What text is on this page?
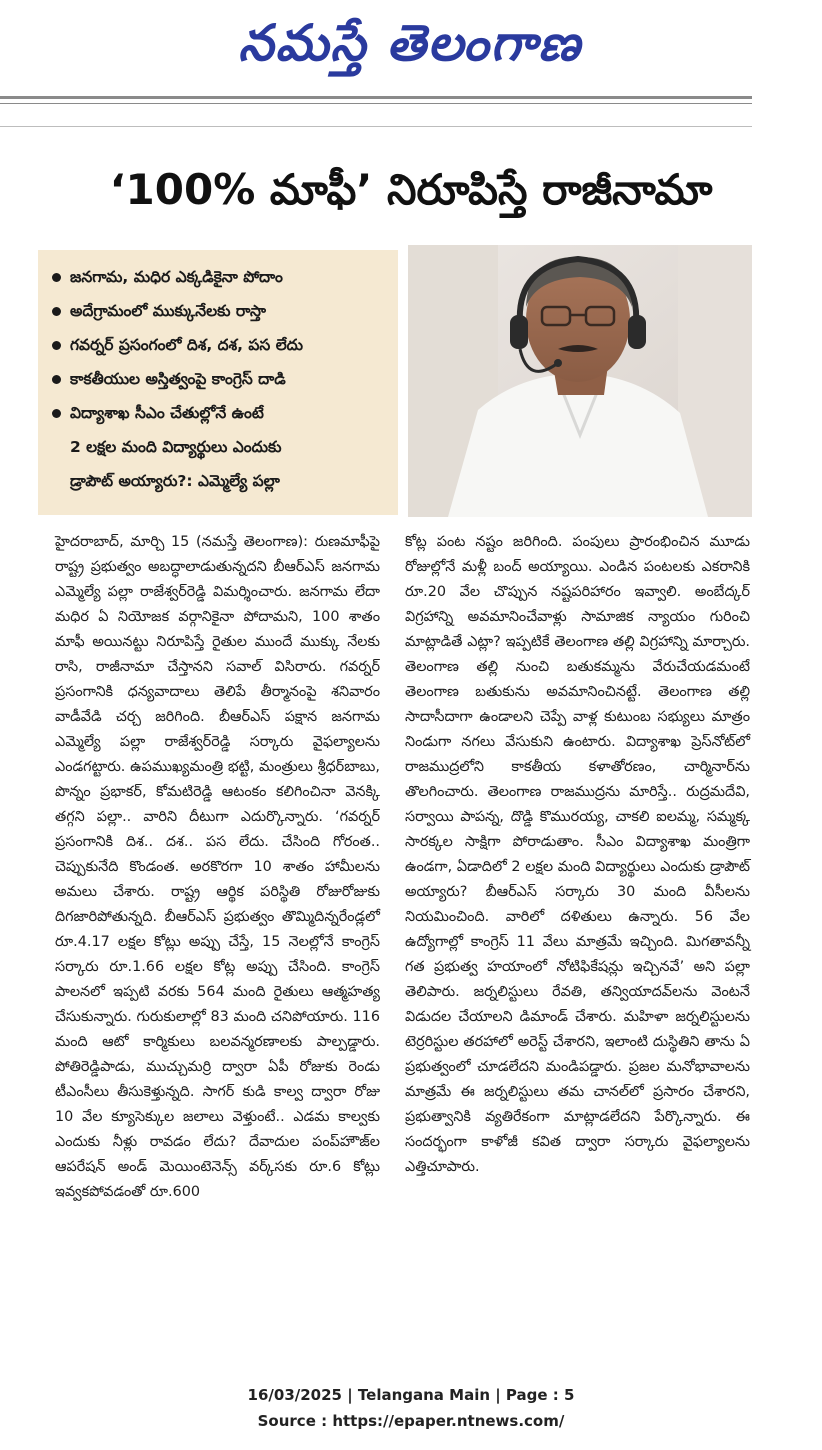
నమస్తే తెలంగాణ
‘100% మాఫీ’ నిరూపిస్తే రాజీనామా
జనగామ, మధిర ఎక్కడికైనా పోదాం
అదేగ్రామంలో ముక్కునేలకు రాస్తా
గవర్నర్ ప్రసంగంలో దిశ, దశ, పస లేదు
కాకతీయుల అస్తిత్వంపై కాంగ్రెస్ దాడి
విద్యాశాఖ సీఎం చేతుల్లోనే ఉంటే
2 లక్షల మంది విద్యార్థులు ఎందుకు
డ్రాపౌట్ అయ్యారు?: ఎమ్మెల్యే పల్లా

హైదరాబాద్, మార్చి 15 (నమస్తే తెలంగాణ): రుణమాఫీపై రాష్ట్ర ప్రభుత్వం అబద్ధాలాడుతున్నదని బీఆర్ఎస్ జనగామ ఎమ్మెల్యే పల్లా రాజేశ్వర్‌రెడ్డి విమర్శించారు. జనగామ లేదా మధిర ఏ నియోజక వర్గానికైనా పోదామని, 100 శాతం మాఫీ అయినట్టు నిరూపిస్తే రైతుల ముందే ముక్కు నేలకు రాసి, రాజీనామా చేస్తానని సవాల్ విసిరారు. గవర్నర్ ప్రసంగానికి ధన్యవాదాలు తెలిపే తీర్మానంపై శనివారం వాడీవేడి చర్చ జరిగింది. బీఆర్ఎస్ పక్షాన జనగామ ఎమ్మెల్యే పల్లా రాజేశ్వర్‌రెడ్డి సర్కారు వైఫల్యాలను ఎండగట్టారు. ఉపముఖ్యమంత్రి భట్టి, మంత్రులు శ్రీధర్‌బాబు, పొన్నం ప్రభాకర్, కోమటిరెడ్డి ఆటంకం కలిగించినా వెనక్కి తగ్గని పల్లా.. వారిని దీటుగా ఎదుర్కొన్నారు. ‘గవర్నర్ ప్రసంగానికి దిశ.. దశ.. పస లేదు. చేసింది గోరంత.. చెప్పుకునేది కొండంత. అరకొరగా 10 శాతం హామీలను అమలు చేశారు. రాష్ట్ర ఆర్థిక పరిస్థితి రోజురోజుకు దిగజారిపోతున్నది. బీఆర్ఎస్ ప్రభుత్వం తొమ్మిదిన్నరేండ్లలో రూ.4.17 లక్షల కోట్లు అప్పు చేస్తే, 15 నెలల్లోనే కాంగ్రెస్ సర్కారు రూ.1.66 లక్షల కోట్ల అప్పు చేసింది. కాంగ్రెస్ పాలనలో ఇప్పటి వరకు 564 మంది రైతులు ఆత్మహత్య చేసుకున్నారు. గురుకులాల్లో 83 మంది చనిపోయారు. 116 మంది ఆటో కార్మికులు బలవన్మరణాలకు పాల్పడ్డారు. పోతిరెడ్డిపాడు, ముచ్చుమర్రి ద్వారా ఏపీ రోజుకు రెండు టీఎంసీలు తీసుకెళ్తున్నది. సాగర్ కుడి కాల్వ ద్వారా రోజు 10 వేల క్యూసెక్కుల జలాలు వెళ్తుంటే.. ఎడమ కాల్వకు ఎందుకు నీళ్లు రావడం లేదు? దేవాదుల పంప్‌హౌజ్‌ల ఆపరేషన్ అండ్ మెయింటెనెన్స్ వర్క్‌సకు రూ.6 కోట్లు ఇవ్వకపోవడంతో రూ.600

కోట్ల పంట నష్టం జరిగింది. పంపులు ప్రారంభించిన మూడు రోజుల్లోనే మళ్లీ బంద్ అయ్యాయి. ఎండిన పంటలకు ఎకరానికి రూ.20 వేల చొప్పున నష్టపరిహారం ఇవ్వాలి. అంబేద్కర్ విగ్రహాన్ని అవమానించేవాళ్లు సామాజిక న్యాయం గురించి మాట్లాడితే ఎట్లా? ఇప్పటికే తెలంగాణ తల్లి విగ్రహాన్ని మార్చారు. తెలంగాణ తల్లి నుంచి బతుకమ్మను వేరుచేయడమంటే తెలంగాణ బతుకును అవమానించినట్టే. తెలంగాణ తల్లి సాదాసీదాగా ఉండాలని చెప్పే వాళ్ల కుటుంబ సభ్యులు మాత్రం నిండుగా నగలు వేసుకుని ఉంటారు. విద్యాశాఖ ప్రెస్‌నోట్‌లో రాజముద్రలోని కాకతీయ కళాతోరణం, చార్మినార్‌ను తొలగించారు. తెలంగాణ రాజముద్రను మారిస్తే.. రుద్రమదేవి, సర్వాయి పాపన్న, దొడ్డి కొమురయ్య, చాకలి ఐలమ్మ, సమ్మక్క సారక్కల సాక్షిగా పోరాడుతాం. సీఎం విద్యాశాఖ మంత్రిగా ఉండగా, ఏడాదిలో 2 లక్షల మంది విద్యార్థులు ఎందుకు డ్రాపౌట్ అయ్యారు? బీఆర్ఎస్ సర్కారు 30 మంది వీసీలను నియమించింది. వారిలో దళితులు ఉన్నారు. 56 వేల ఉద్యోగాల్లో కాంగ్రెస్ 11 వేలు మాత్రమే ఇచ్చింది. మిగతావన్నీ గత ప్రభుత్వ హయాంలో నోటిఫికేషన్లు ఇచ్చినవే’ అని పల్లా తెలిపారు. జర్నలిస్టులు రేవతి, తన్వియాదవ్‌లను వెంటనే విడుదల చేయాలని డిమాండ్ చేశారు. మహిళా జర్నలిస్టులను టెర్రరిస్టుల తరహాలో అరెస్ట్ చేశారని, ఇలాంటి దుస్థితిని తాను ఏ ప్రభుత్వంలో చూడలేదని మండిపడ్డారు. ప్రజల మనోభావాలను మాత్రమే ఈ జర్నలిస్టులు తమ చానల్‌లో ప్రసారం చేశారని, ప్రభుత్వానికి వ్యతిరేకంగా మాట్లాడలేదని పేర్కొన్నారు. ఈ సందర్భంగా కాళోజీ కవిత ద్వారా సర్కారు వైఫల్యాలను ఎత్తిచూపారు.

16/03/2025 | Telangana Main | Page : 5
Source : https://epaper.ntnews.com/
